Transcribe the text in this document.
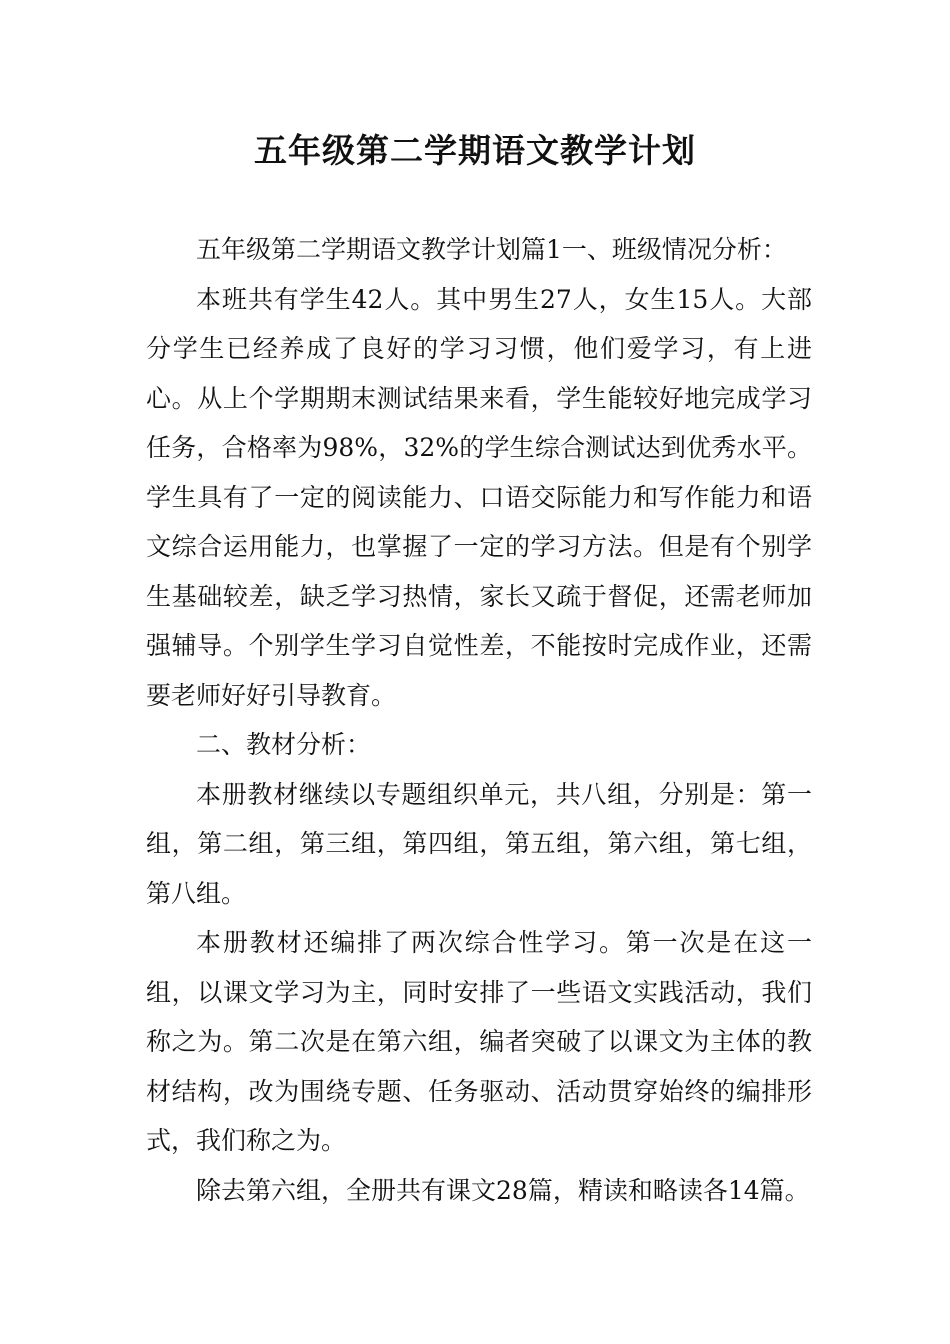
五年级第二学期语文教学计划

五年级第二学期语文教学计划篇1一、班级情况分析：

本班共有学生42人。其中男生27人，女生15人。大部分学生已经养成了良好的学习习惯，他们爱学习，有上进心。从上个学期期末测试结果来看，学生能较好地完成学习任务，合格率为98%，32%的学生综合测试达到优秀水平。学生具有了一定的阅读能力、口语交际能力和写作能力和语文综合运用能力，也掌握了一定的学习方法。但是有个别学生基础较差，缺乏学习热情，家长又疏于督促，还需老师加强辅导。个别学生学习自觉性差，不能按时完成作业，还需要老师好好引导教育。

二、教材分析：

本册教材继续以专题组织单元，共八组，分别是：第一组，第二组，第三组，第四组，第五组，第六组，第七组，第八组。

本册教材还编排了两次综合性学习。第一次是在这一组，以课文学习为主，同时安排了一些语文实践活动，我们称之为。第二次是在第六组，编者突破了以课文为主体的教材结构，改为围绕专题、任务驱动、活动贯穿始终的编排形式，我们称之为。

除去第六组，全册共有课文28篇，精读和略读各14篇。
